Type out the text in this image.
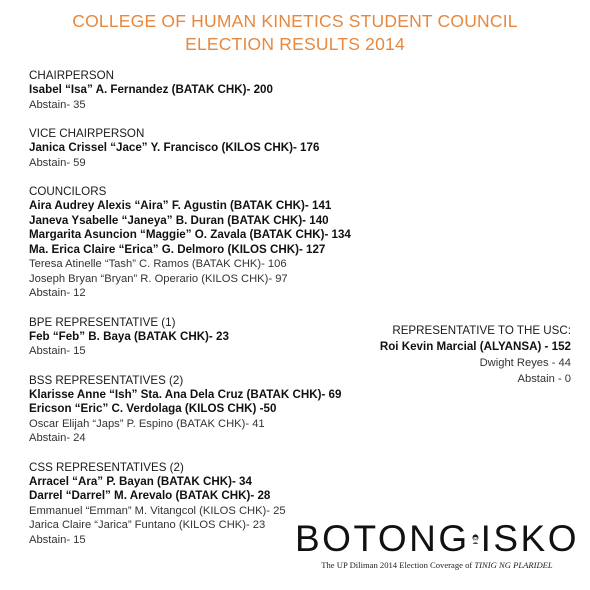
COLLEGE OF HUMAN KINETICS STUDENT COUNCIL
ELECTION RESULTS 2014
CHAIRPERSON
Isabel “Isa” A. Fernandez (BATAK CHK)- 200
Abstain- 35
VICE CHAIRPERSON
Janica Crissel “Jace” Y. Francisco (KILOS CHK)- 176
Abstain- 59
COUNCILORS
Aira Audrey Alexis “Aira” F. Agustin (BATAK CHK)- 141
Janeva Ysabelle “Janeya” B. Duran (BATAK CHK)- 140
Margarita Asuncion “Maggie” O. Zavala (BATAK CHK)- 134
Ma. Erica Claire “Erica” G. Delmoro (KILOS CHK)- 127
Teresa Atinelle “Tash” C. Ramos (BATAK CHK)- 106
Joseph Bryan “Bryan” R. Operario (KILOS CHK)- 97
Abstain- 12
BPE REPRESENTATIVE (1)
Feb “Feb” B. Baya (BATAK CHK)- 23
Abstain- 15
BSS REPRESENTATIVES (2)
Klarisse Anne “Ish” Sta. Ana Dela Cruz (BATAK CHK)- 69
Ericson “Eric” C. Verdolaga (KILOS CHK) -50
Oscar Elijah “Japs” P. Espino (BATAK CHK)- 41
Abstain- 24
CSS REPRESENTATIVES (2)
Arracel “Ara” P. Bayan (BATAK CHK)- 34
Darrel “Darrel” M. Arevalo (BATAK CHK)- 28
Emmanuel “Emman” M. Vitangcol (KILOS CHK)- 25
Jarica Claire “Jarica” Funtano (KILOS CHK)- 23
Abstain- 15
REPRESENTATIVE TO THE USC:
Roi Kevin Marcial (ALYANSA) - 152
Dwight Reyes - 44
Abstain - 0
BOTONG ISKO
The UP Diliman 2014 Election Coverage of TINIG NG PLARIDEL
